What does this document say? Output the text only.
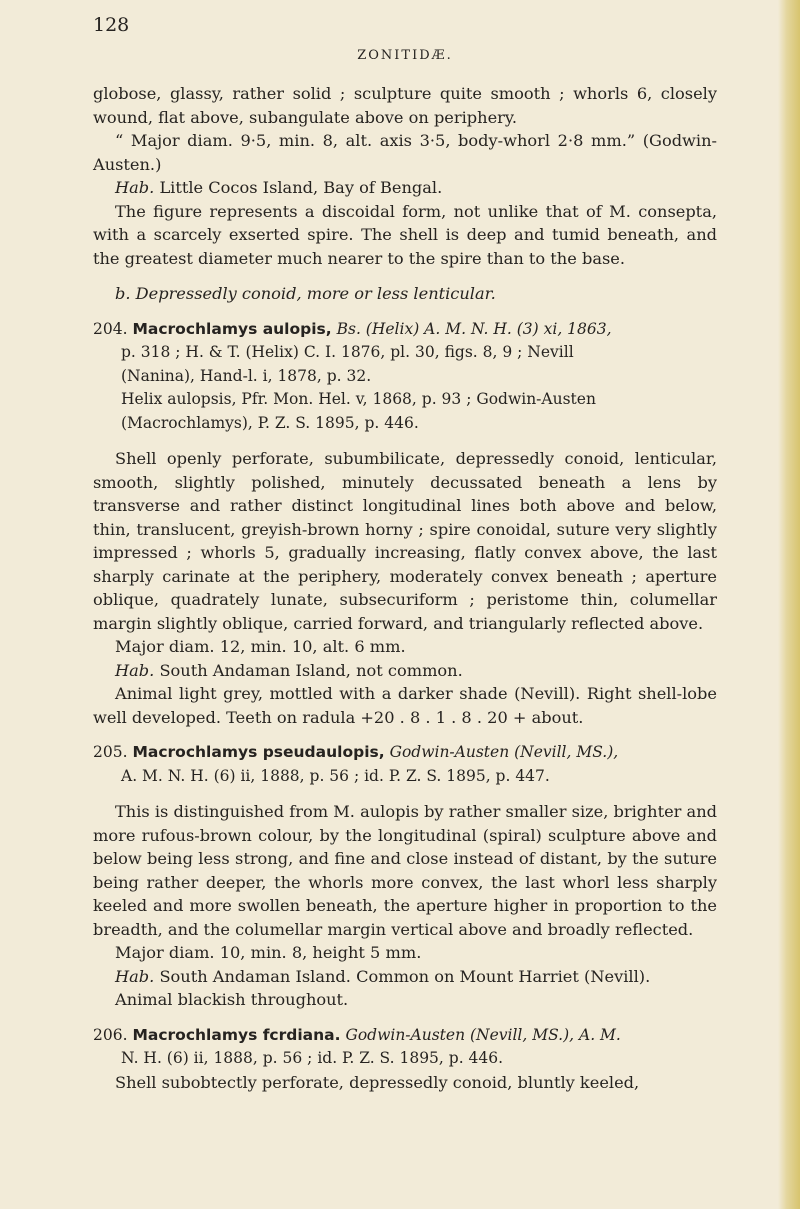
128
ZONITIDÆ.

globose, glassy, rather solid ; sculpture quite smooth ; whorls 6, closely wound, flat above, subangulate above on periphery.

“ Major diam. 9·5, min. 8, alt. axis 3·5, body-whorl 2·8 mm.” (Godwin-Austen.)

Hab. Little Cocos Island, Bay of Bengal.

The figure represents a discoidal form, not unlike that of M. consepta, with a scarcely exserted spire. The shell is deep and tumid beneath, and the greatest diameter much nearer to the spire than to the base.

b. Depressedly conoid, more or less lenticular.

204. Macrochlamys aulopis, Bs. (Helix) A. M. N. H. (3) xi, 1863,

p. 318 ; H. & T. (Helix) C. I. 1876, pl. 30, figs. 8, 9 ; Nevill

(Nanina), Hand-l. i, 1878, p. 32.

Helix aulopsis, Pfr. Mon. Hel. v, 1868, p. 93 ; Godwin-Austen

(Macrochlamys), P. Z. S. 1895, p. 446.

Shell openly perforate, subumbilicate, depressedly conoid, lenticular, smooth, slightly polished, minutely decussated beneath a lens by transverse and rather distinct longitudinal lines both above and below, thin, translucent, greyish-brown horny ; spire conoidal, suture very slightly impressed ; whorls 5, gradually increasing, flatly convex above, the last sharply carinate at the periphery, moderately convex beneath ; aperture oblique, quadrately lunate, subsecuriform ; peristome thin, columellar margin slightly oblique, carried forward, and triangularly reflected above.

Major diam. 12, min. 10, alt. 6 mm.

Hab. South Andaman Island, not common.

Animal light grey, mottled with a darker shade (Nevill). Right shell-lobe well developed. Teeth on radula +20 . 8 . 1 . 8 . 20 + about.

205. Macrochlamys pseudaulopis, Godwin-Austen (Nevill, MS.),

A. M. N. H. (6) ii, 1888, p. 56 ; id. P. Z. S. 1895, p. 447.

This is distinguished from M. aulopis by rather smaller size, brighter and more rufous-brown colour, by the longitudinal (spiral) sculpture above and below being less strong, and fine and close instead of distant, by the suture being rather deeper, the whorls more convex, the last whorl less sharply keeled and more swollen beneath, the aperture higher in proportion to the breadth, and the columellar margin vertical above and broadly reflected.

Major diam. 10, min. 8, height 5 mm.

Hab. South Andaman Island. Common on Mount Harriet (Nevill).

Animal blackish throughout.

206. Macrochlamys fcrdiana. Godwin-Austen (Nevill, MS.), A. M.

N. H. (6) ii, 1888, p. 56 ; id. P. Z. S. 1895, p. 446.

Shell subobtectly perforate, depressedly conoid, bluntly keeled,
